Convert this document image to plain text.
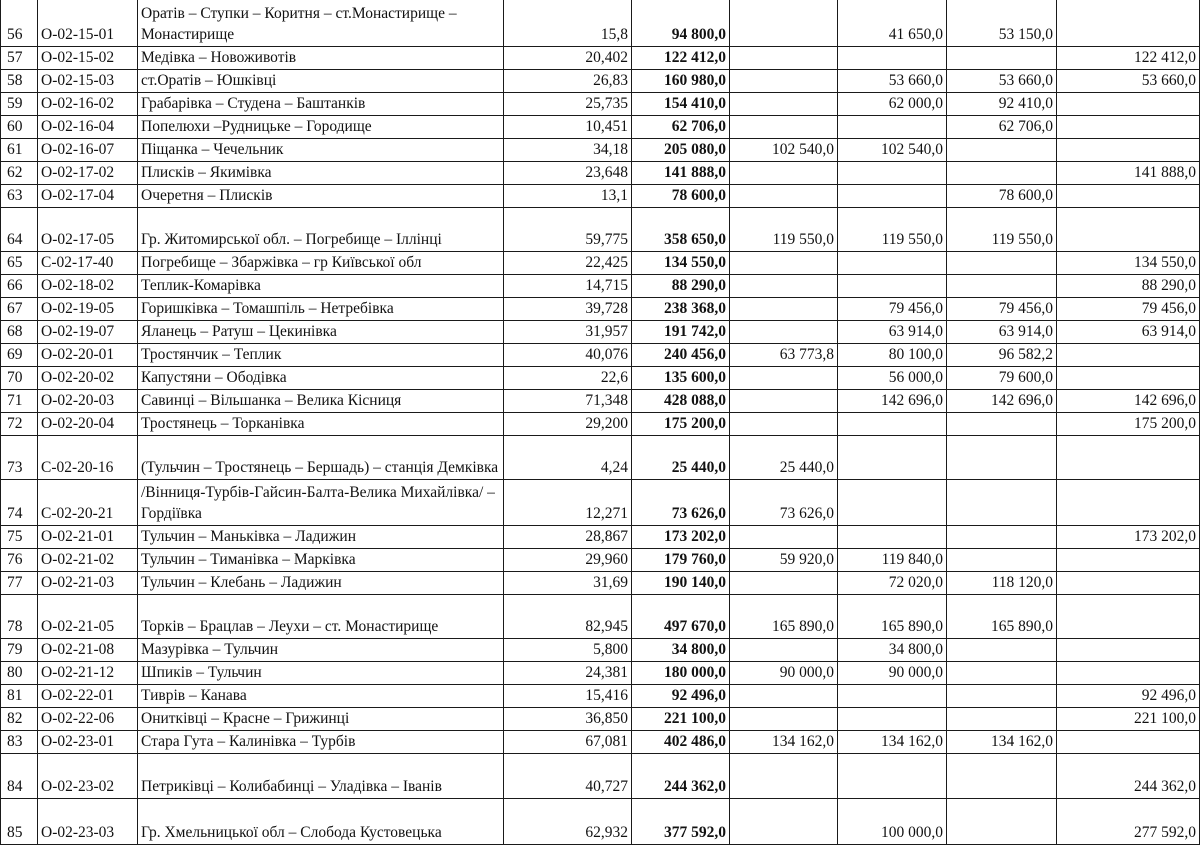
56	О-02-15-01	Оратів – Ступки – Коритня – ст.Монастирище – Монастирище	15,8	94 800,0		41 650,0	53 150,0	
57	О-02-15-02	Медівка – Новоживотів	20,402	122 412,0				122 412,0
58	О-02-15-03	ст.Оратів – Юшківці	26,83	160 980,0		53 660,0	53 660,0	53 660,0
59	О-02-16-02	Грабарівка – Студена – Баштанків	25,735	154 410,0		62 000,0	92 410,0	
60	О-02-16-04	Попелюхи –Рудницьке – Городище	10,451	62 706,0			62 706,0	
61	О-02-16-07	Піщанка – Чечельник	34,18	205 080,0	102 540,0	102 540,0		
62	О-02-17-02	Плисків – Якимівка	23,648	141 888,0				141 888,0
63	О-02-17-04	Очеретня – Плисків	13,1	78 600,0			78 600,0	
64	О-02-17-05	Гр. Житомирської обл. – Погребище – Іллінці	59,775	358 650,0	119 550,0	119 550,0	119 550,0	
65	С-02-17-40	Погребище – Збаржівка – гр Київської обл	22,425	134 550,0				134 550,0
66	О-02-18-02	Теплик-Комарівка	14,715	88 290,0				88 290,0
67	О-02-19-05	Горишківка – Томашпіль – Нетребівка	39,728	238 368,0		79 456,0	79 456,0	79 456,0
68	О-02-19-07	Яланець – Ратуш – Цекинівка	31,957	191 742,0		63 914,0	63 914,0	63 914,0
69	О-02-20-01	Тростянчик – Теплик	40,076	240 456,0	63 773,8	80 100,0	96 582,2	
70	О-02-20-02	Капустяни – Ободівка	22,6	135 600,0		56 000,0	79 600,0	
71	О-02-20-03	Савинці – Вільшанка – Велика Кісниця	71,348	428 088,0		142 696,0	142 696,0	142 696,0
72	О-02-20-04	Тростянець – Торканівка	29,200	175 200,0				175 200,0
73	С-02-20-16	(Тульчин – Тростянець – Бершадь) – станція Демківка	4,24	25 440,0	25 440,0			
74	С-02-20-21	/Вінниця-Турбів-Гайсин-Балта-Велика Михайлівка/ – Гордіївка	12,271	73 626,0	73 626,0			
75	О-02-21-01	Тульчин – Маньківка – Ладижин	28,867	173 202,0				173 202,0
76	О-02-21-02	Тульчин – Тиманівка – Марківка	29,960	179 760,0	59 920,0	119 840,0		
77	О-02-21-03	Тульчин – Клебань – Ладижин	31,69	190 140,0		72 020,0	118 120,0	
78	О-02-21-05	Торків – Брацлав – Леухи – ст. Монастирище	82,945	497 670,0	165 890,0	165 890,0	165 890,0	
79	О-02-21-08	Мазурівка – Тульчин	5,800	34 800,0		34 800,0		
80	О-02-21-12	Шпиків – Тульчин	24,381	180 000,0	90 000,0	90 000,0		
81	О-02-22-01	Тиврів – Канава	15,416	92 496,0				92 496,0
82	О-02-22-06	Онитківці – Красне – Грижинці	36,850	221 100,0				221 100,0
83	О-02-23-01	Стара Гута – Калинівка – Турбів	67,081	402 486,0	134 162,0	134 162,0	134 162,0	
84	О-02-23-02	Петриківці – Колибабинці – Уладівка – Іванів	40,727	244 362,0				244 362,0
85	О-02-23-03	Гр. Хмельницької обл – Слобода Кустовецька	62,932	377 592,0		100 000,0		277 592,0
